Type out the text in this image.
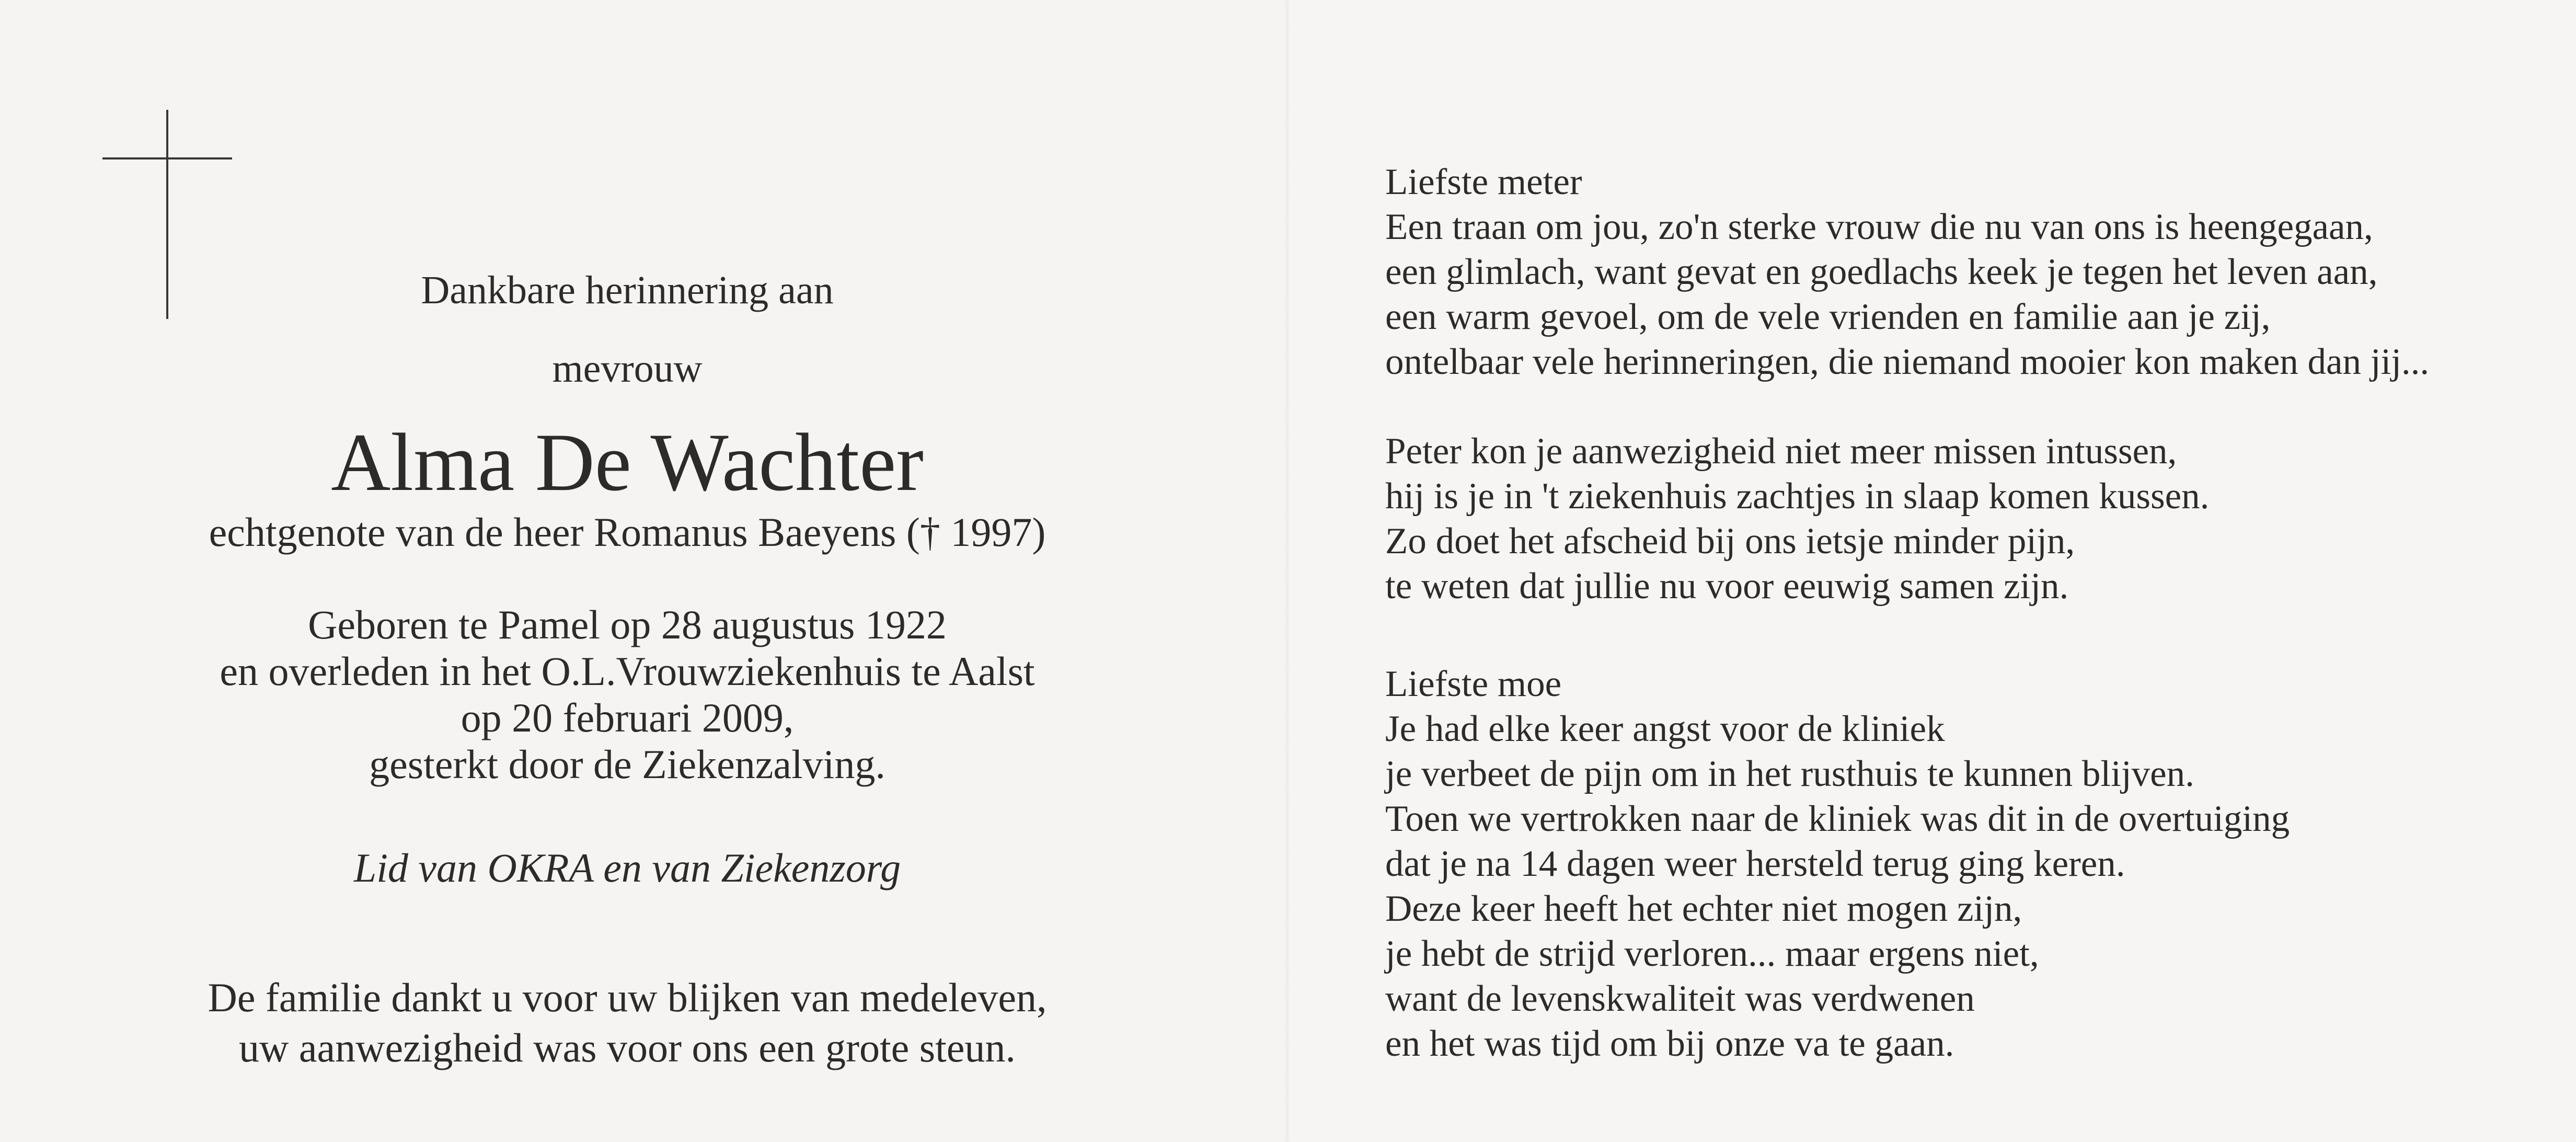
Dankbare herinnering aan
mevrouw
Alma De Wachter
echtgenote van de heer Romanus Baeyens († 1997)
Geboren te Pamel op 28 augustus 1922
en overleden in het O.L.Vrouwziekenhuis te Aalst
op 20 februari 2009,
gesterkt door de Ziekenzalving.
Lid van OKRA en van Ziekenzorg
De familie dankt u voor uw blijken van medeleven,
uw aanwezigheid was voor ons een grote steun.
Liefste meter
Een traan om jou, zo'n sterke vrouw die nu van ons is heengegaan,
een glimlach, want gevat en goedlachs keek je tegen het leven aan,
een warm gevoel, om de vele vrienden en familie aan je zij,
ontelbaar vele herinneringen, die niemand mooier kon maken dan jij...
Peter kon je aanwezigheid niet meer missen intussen,
hij is je in 't ziekenhuis zachtjes in slaap komen kussen.
Zo doet het afscheid bij ons ietsje minder pijn,
te weten dat jullie nu voor eeuwig samen zijn.
Liefste moe
Je had elke keer angst voor de kliniek
je verbeet de pijn om in het rusthuis te kunnen blijven.
Toen we vertrokken naar de kliniek was dit in de overtuiging
dat je na 14 dagen weer hersteld terug ging keren.
Deze keer heeft het echter niet mogen zijn,
je hebt de strijd verloren... maar ergens niet,
want de levenskwaliteit was verdwenen
en het was tijd om bij onze va te gaan.
